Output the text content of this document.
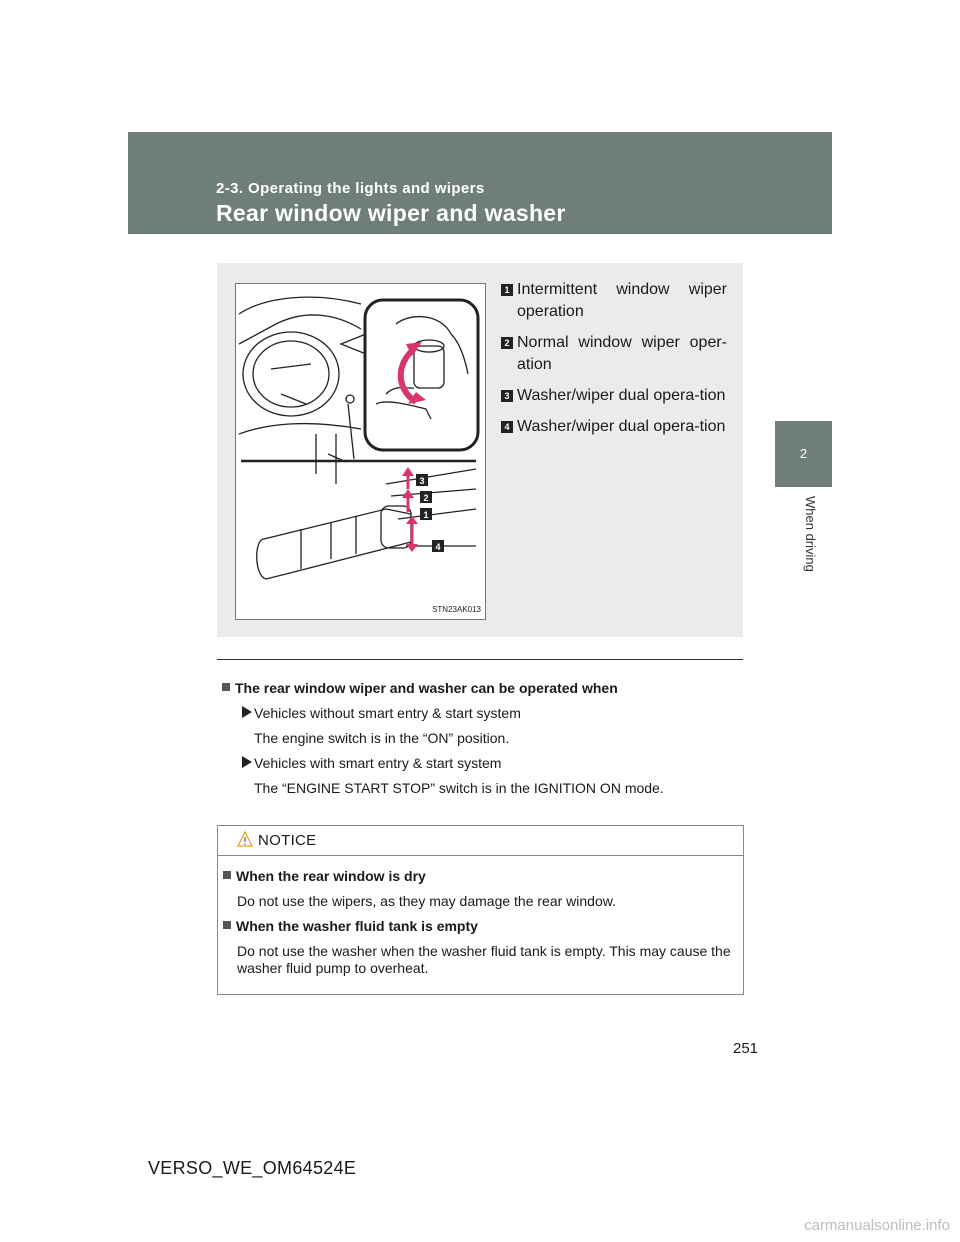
2-3. Operating the lights and wipers
Rear window wiper and washer
2
When driving
3
2
1
4
STN23AK013
1 Intermittent window wiper operation
2 Normal window wiper oper-ation
3 Washer/wiper dual opera-tion
4 Washer/wiper dual opera-tion
The rear window wiper and washer can be operated when
Vehicles without smart entry & start system
The engine switch is in the “ON” position.
Vehicles with smart entry & start system
The “ENGINE START STOP” switch is in the IGNITION ON mode.
NOTICE
When the rear window is dry
Do not use the wipers, as they may damage the rear window.
When the washer fluid tank is empty
Do not use the washer when the washer fluid tank is empty. This may cause the washer fluid pump to overheat.
251
VERSO_WE_OM64524E
carmanualsonline.info
